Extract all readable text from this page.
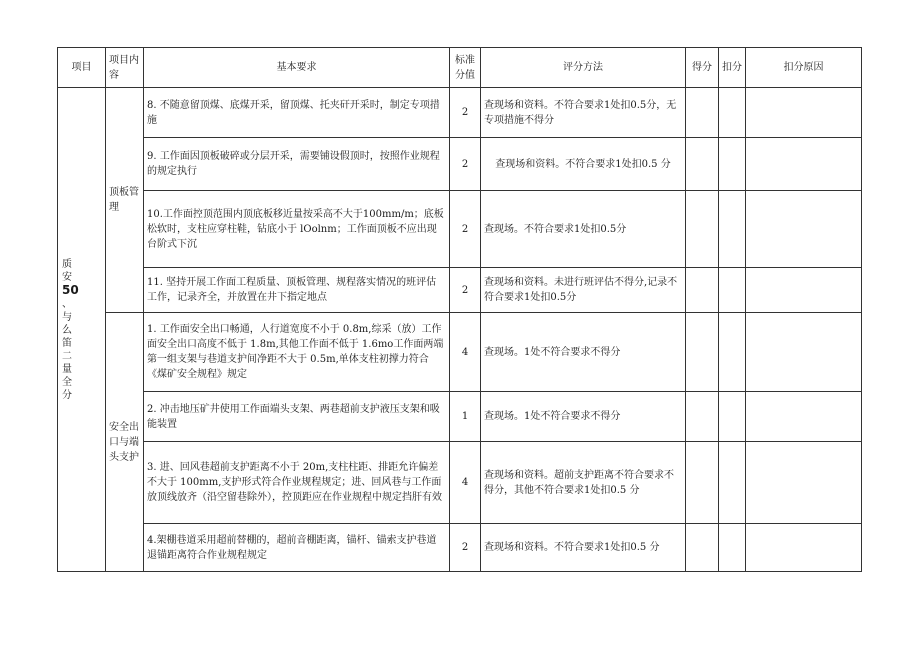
项目	项目内容	基本要求	标准分值	评分方法	得分	扣分	扣分原因

质安
50
、与么笛二量全分	顶板管理	8. 不随意留顶煤、底煤开采，留顶煤、托夹矸开采时，制定专项措施	2	查现场和资料。不符合要求1处扣0.5分，无专项措施不得分			
		9. 工作面因顶板破碎或分层开采，需要铺设假顶时，按照作业规程的规定执行	2	查现场和资料。不符合要求1处扣0.5 分			

		10.工作面控顶范围内顶底板移近量按采高不大于100mm/m；底板松软时，支柱应穿柱鞋，钻底小于 lOolnm；工作面顶板不应出现台阶式下沉	2	查现场。不符合要求1处扣0.5分			
		11. 坚持开展工作面工程质量、顶板管理、规程落实情况的班评估工作，记录齐全，并放置在井下指定地点	2	查现场和资料。未进行班评估不得分,记录不符合要求1处扣0.5分			
	安全出口与端头支护	1. 工作面安全出口畅通，人行道宽度不小于 0.8m,综采（放）工作面安全出口高度不低于 1.8m,其他工作面不低于 1.6mo工作面两端第一组支架与巷道支护间净距不大于 0.5m,单体支柱初撑力符合《煤矿安全规程》规定	4	查现场。1处不符合要求不得分			
		2. 冲击地压矿井使用工作面端头支架、两巷超前支护液压支架和吸能装置	1	查现场。1处不符合要求不得分			
		3. 进、回风巷超前支护距离不小于 20m,支柱柱距、排距允许偏差不大于 100mm,支护形式符合作业规程规定；进、回风巷与工作面放顶线放齐（沿空留巷除外），控顶距应在作业规程中规定挡肝有效	4	查现场和资料。超前支护距离不符合要求不得分，其他不符合要求1处扣0.5 分			
		4.架棚巷道采用超前替棚的，超前音棚距离，锚杆、锚索支护巷道退锚距离符合作业规程规定	2	查现场和资料。不符合要求1处扣0.5 分			
